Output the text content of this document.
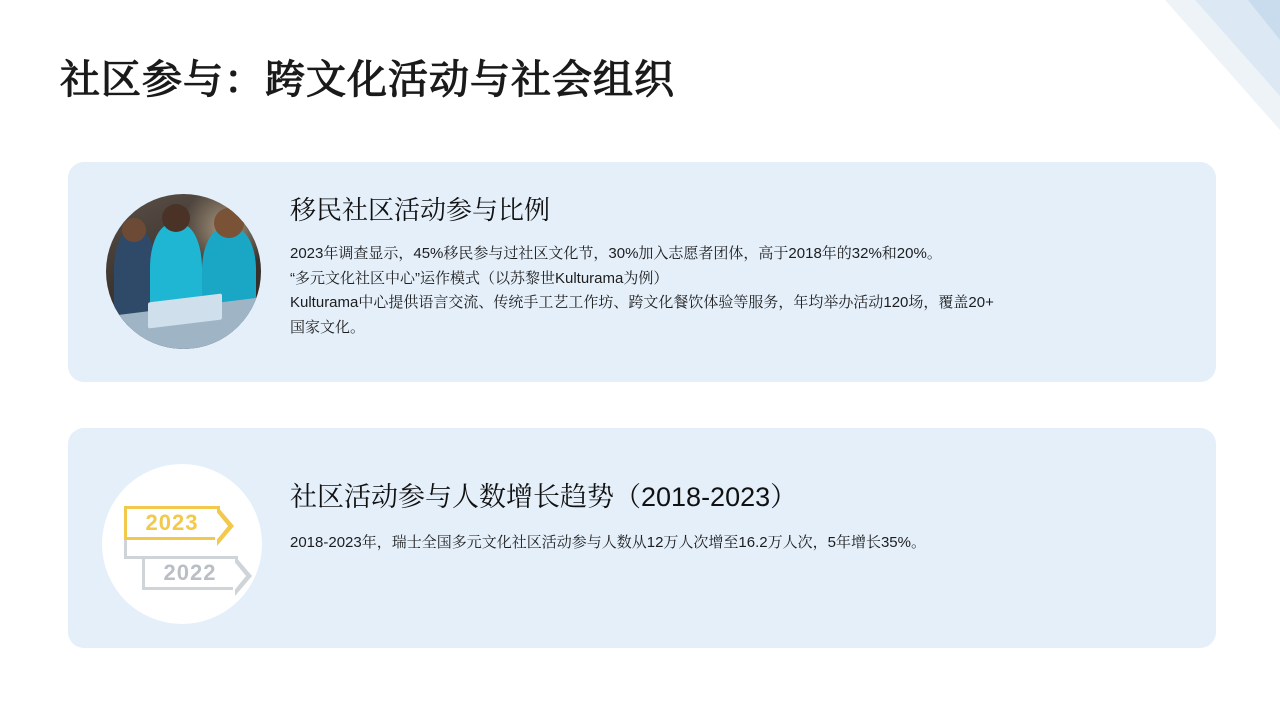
社区参与：跨文化活动与社会组织
移民社区活动参与比例
2023年调查显示，45%移民参与过社区文化节，30%加入志愿者团体，高于2018年的32%和20%。
“多元文化社区中心”运作模式（以苏黎世Kulturama为例）
Kulturama中心提供语言交流、传统手工艺工作坊、跨文化餐饮体验等服务，年均举办活动120场，覆盖20+
国家文化。
2023
2022
社区活动参与人数增长趋势（2018-2023）
2018-2023年，瑞士全国多元文化社区活动参与人数从12万人次增至16.2万人次，5年增长35%。
